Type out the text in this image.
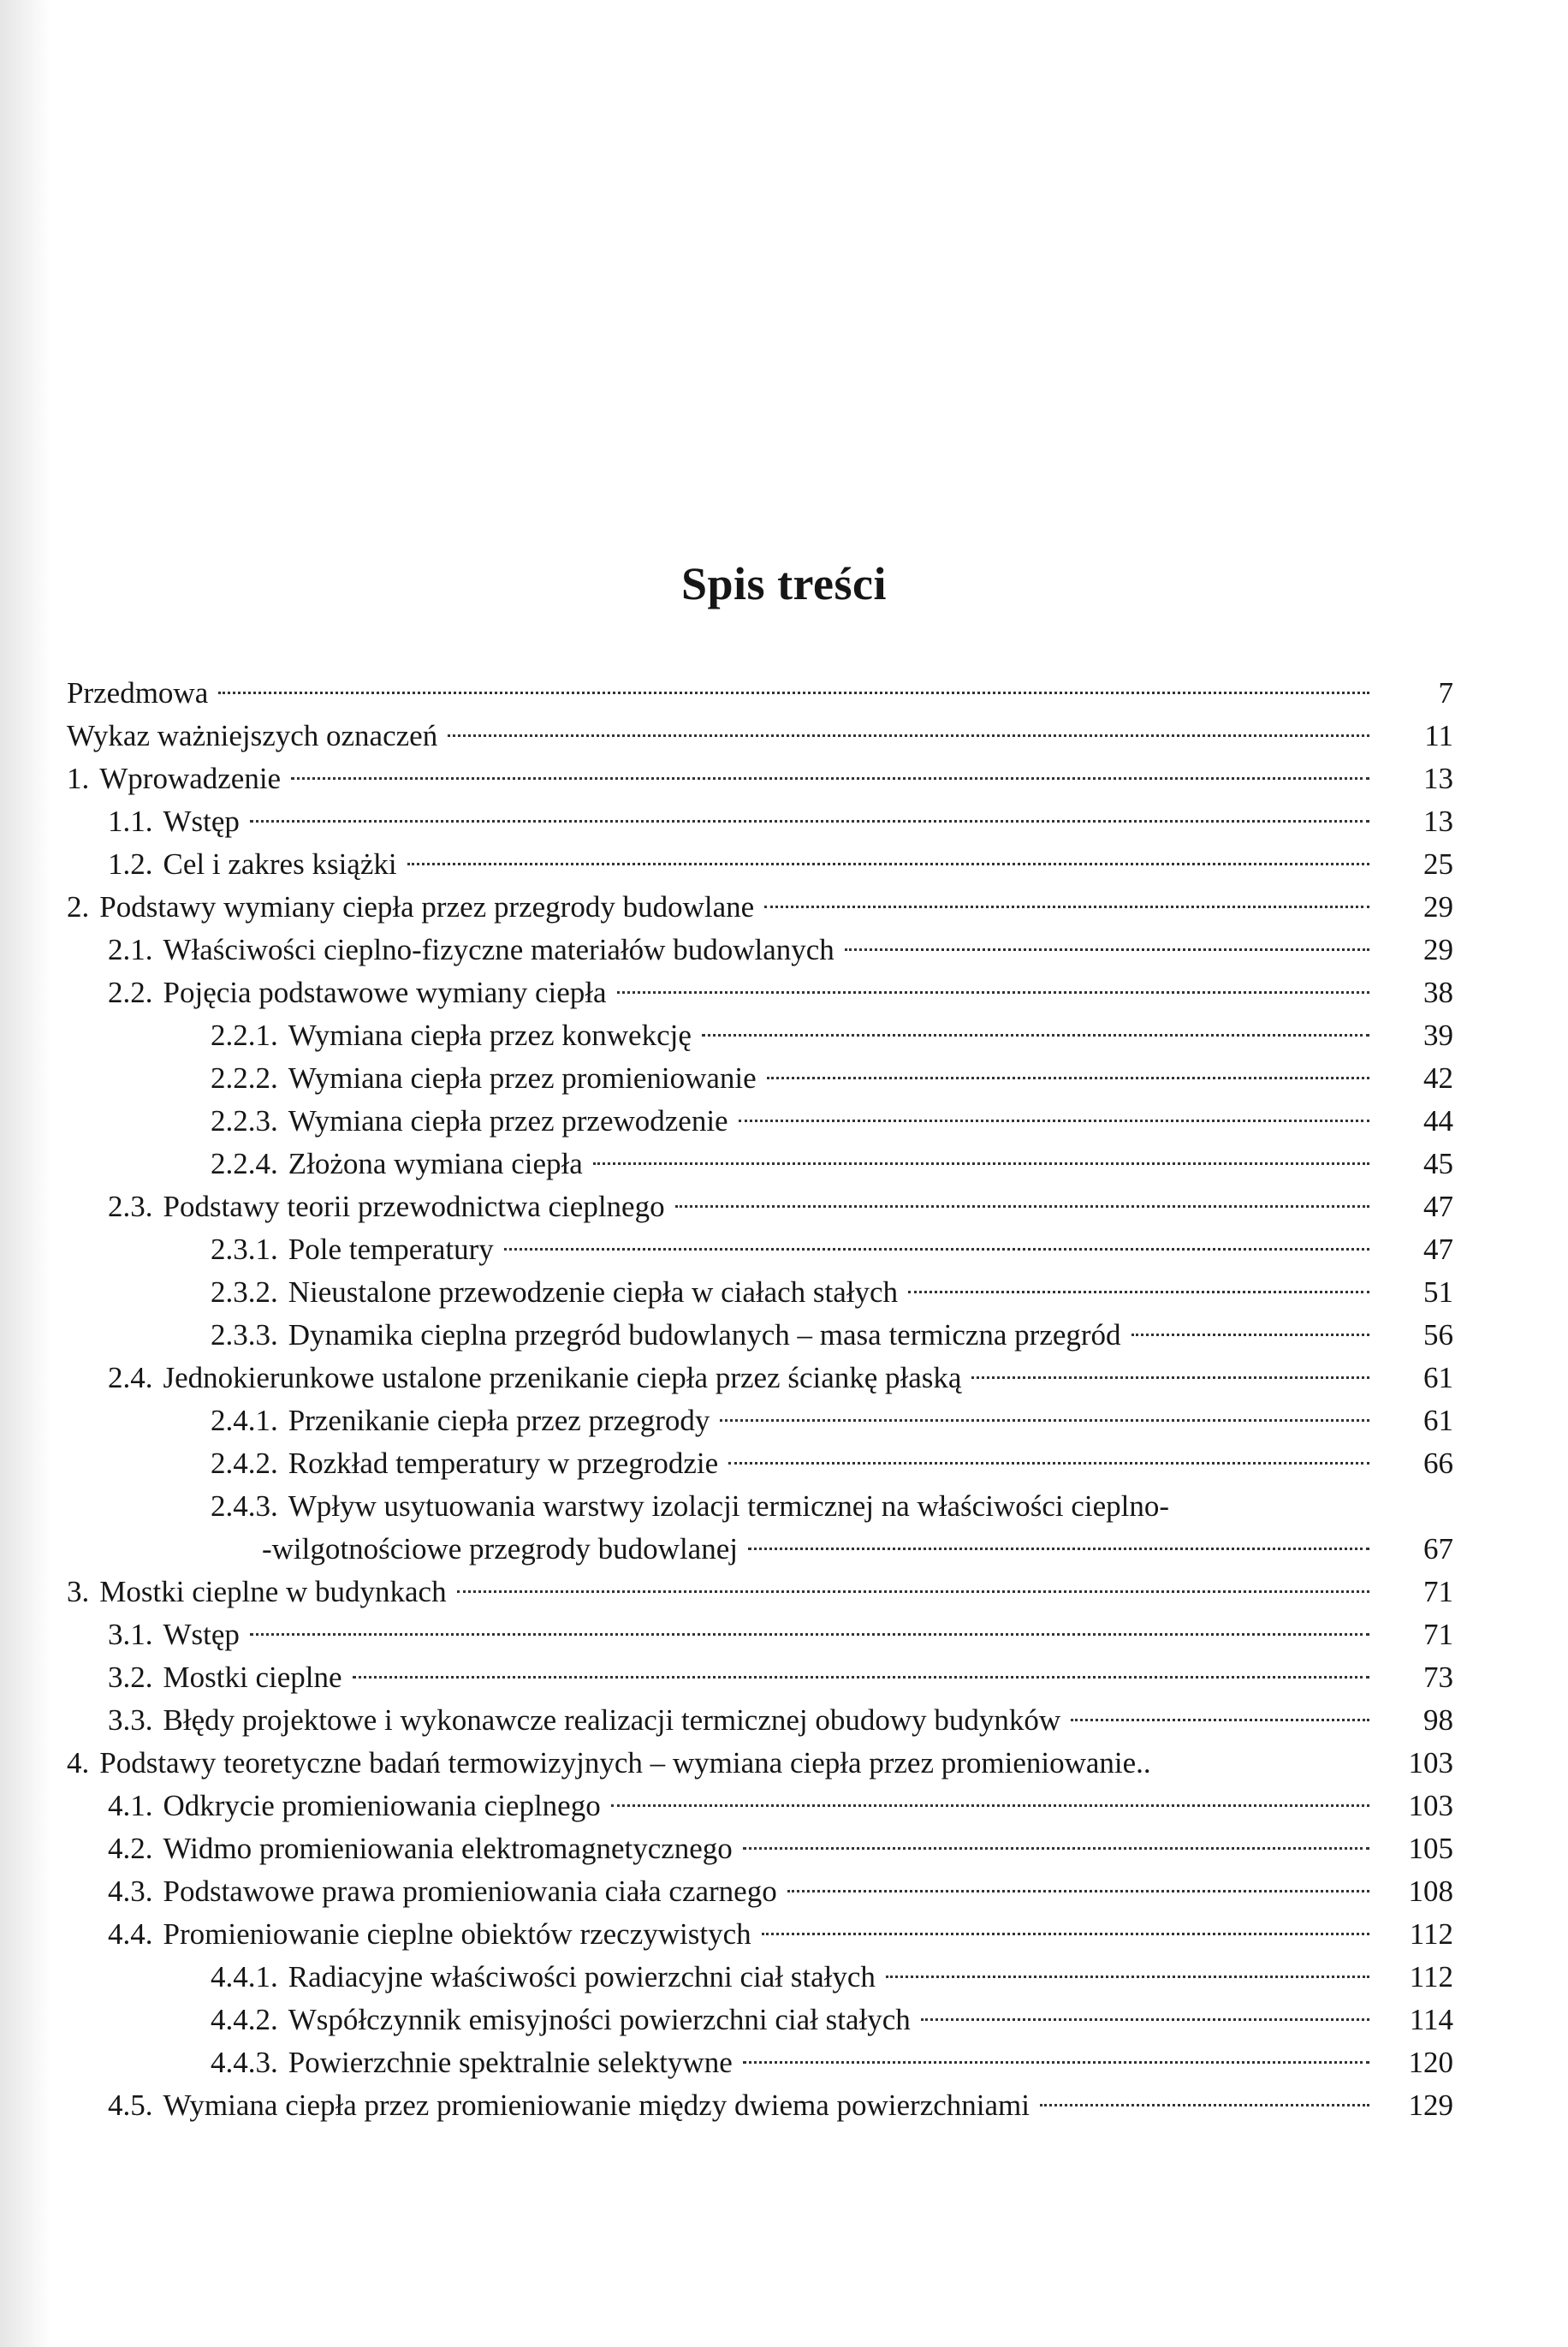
Spis treści
Przedmowa	7
Wykaz ważniejszych oznaczeń	11
1. Wprowadzenie	13
1.1. Wstęp	13
1.2. Cel i zakres książki	25
2. Podstawy wymiany ciepła przez przegrody budowlane	29
2.1. Właściwości cieplno-fizyczne materiałów budowlanych	29
2.2. Pojęcia podstawowe wymiany ciepła	38
2.2.1. Wymiana ciepła przez konwekcję	39
2.2.2. Wymiana ciepła przez promieniowanie	42
2.2.3. Wymiana ciepła przez przewodzenie	44
2.2.4. Złożona wymiana ciepła	45
2.3. Podstawy teorii przewodnictwa cieplnego	47
2.3.1. Pole temperatury	47
2.3.2. Nieustalone przewodzenie ciepła w ciałach stałych	51
2.3.3. Dynamika cieplna przegród budowlanych – masa termiczna przegród	56
2.4. Jednokierunkowe ustalone przenikanie ciepła przez ściankę płaską	61
2.4.1. Przenikanie ciepła przez przegrody	61
2.4.2. Rozkład temperatury w przegrodzie	66
2.4.3. Wpływ usytuowania warstwy izolacji termicznej na właściwości cieplno-
-wilgotnościowe przegrody budowlanej	67
3. Mostki cieplne w budynkach	71
3.1. Wstęp	71
3.2. Mostki cieplne	73
3.3. Błędy projektowe i wykonawcze realizacji termicznej obudowy budynków	98
4. Podstawy teoretyczne badań termowizyjnych – wymiana ciepła przez promieniowanie..	103
4.1. Odkrycie promieniowania cieplnego	103
4.2. Widmo promieniowania elektromagnetycznego	105
4.3. Podstawowe prawa promieniowania ciała czarnego	108
4.4. Promieniowanie cieplne obiektów rzeczywistych	112
4.4.1. Radiacyjne właściwości powierzchni ciał stałych	112
4.4.2. Współczynnik emisyjności powierzchni ciał stałych	114
4.4.3. Powierzchnie spektralnie selektywne	120
4.5. Wymiana ciepła przez promieniowanie między dwiema powierzchniami	129
